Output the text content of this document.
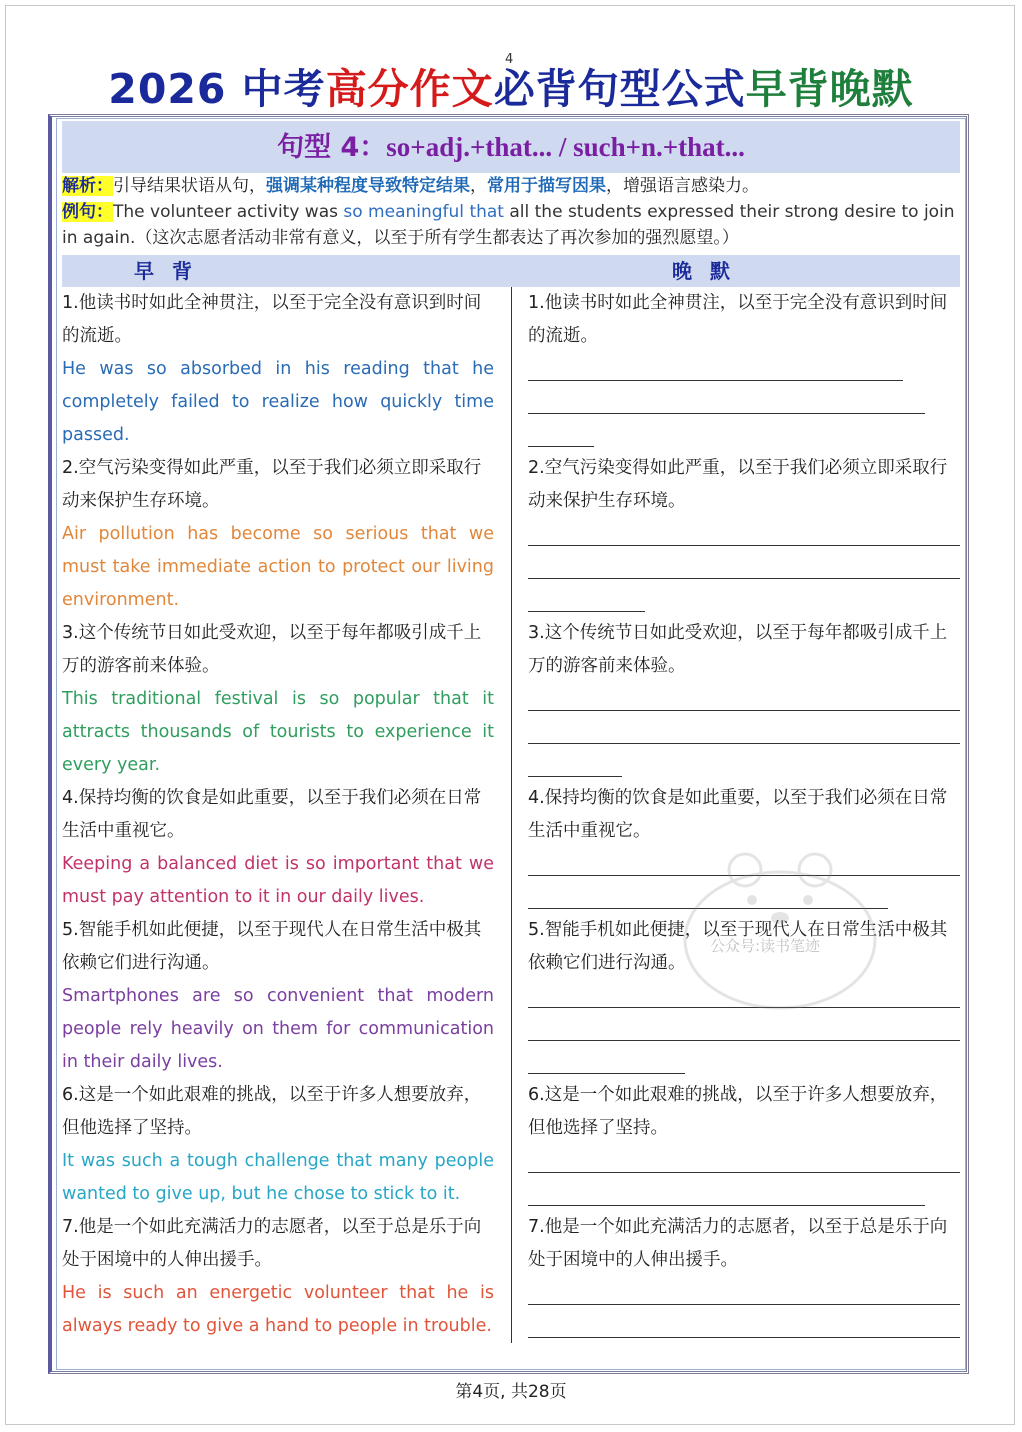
4
2026 中考高分作文必背句型公式早背晚默
句型 4：so+adj.+that... / such+n.+that...
解析：引导结果状语从句，强调某种程度导致特定结果，常用于描写因果，增强语言感染力。
例句：The volunteer activity was so meaningful that all the students expressed their strong desire to join in again.（这次志愿者活动非常有意义，以至于所有学生都表达了再次参加的强烈愿望。）
早背	晚默
1.他读书时如此全神贯注，以至于完全没有意识到时间的流逝。
He was so absorbed in his reading that he completely failed to realize how quickly time passed.
2.空气污染变得如此严重，以至于我们必须立即采取行动来保护生存环境。
Air pollution has become so serious that we must take immediate action to protect our living environment.
3.这个传统节日如此受欢迎，以至于每年都吸引成千上万的游客前来体验。
This traditional festival is so popular that it attracts thousands of tourists to experience it every year.
4.保持均衡的饮食是如此重要，以至于我们必须在日常生活中重视它。
Keeping a balanced diet is so important that we must pay attention to it in our daily lives.
5.智能手机如此便捷，以至于现代人在日常生活中极其依赖它们进行沟通。
Smartphones are so convenient that modern people rely heavily on them for communication in their daily lives.
6.这是一个如此艰难的挑战，以至于许多人想要放弃，但他选择了坚持。
It was such a tough challenge that many people wanted to give up, but he chose to stick to it.
7.他是一个如此充满活力的志愿者，以至于总是乐于向处于困境中的人伸出援手。
He is such an energetic volunteer that he is always ready to give a hand to people in trouble.
1.他读书时如此全神贯注，以至于完全没有意识到时间的流逝。
2.空气污染变得如此严重，以至于我们必须立即采取行动来保护生存环境。
3.这个传统节日如此受欢迎，以至于每年都吸引成千上万的游客前来体验。
4.保持均衡的饮食是如此重要，以至于我们必须在日常生活中重视它。
5.智能手机如此便捷，以至于现代人在日常生活中极其依赖它们进行沟通。
6.这是一个如此艰难的挑战，以至于许多人想要放弃，但他选择了坚持。
7.他是一个如此充满活力的志愿者，以至于总是乐于向处于困境中的人伸出援手。
公众号:读书笔迹
第4页, 共28页
